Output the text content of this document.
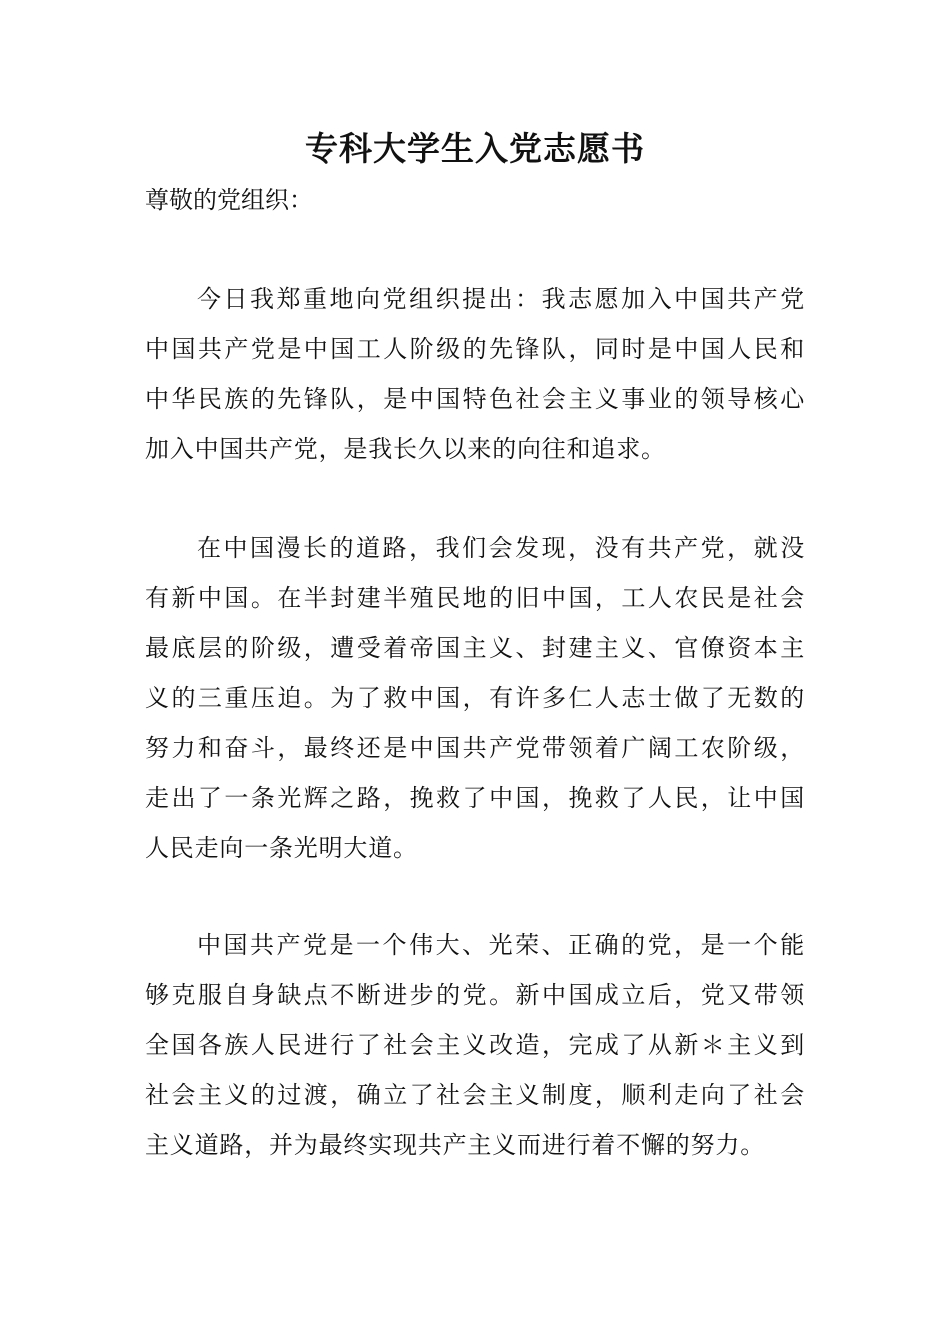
专科大学生入党志愿书

尊敬的党组织：

今日我郑重地向党组织提出：我志愿加入中国共产党
中国共产党是中国工人阶级的先锋队，同时是中国人民和
中华民族的先锋队，是中国特色社会主义事业的领导核心
加入中国共产党，是我长久以来的向往和追求。
在中国漫长的道路，我们会发现，没有共产党，就没
有新中国。在半封建半殖民地的旧中国，工人农民是社会
最底层的阶级，遭受着帝国主义、封建主义、官僚资本主
义的三重压迫。为了救中国，有许多仁人志士做了无数的
努力和奋斗，最终还是中国共产党带领着广阔工农阶级，
走出了一条光辉之路，挽救了中国，挽救了人民，让中国
人民走向一条光明大道。
中国共产党是一个伟大、光荣、正确的党，是一个能
够克服自身缺点不断进步的党。新中国成立后，党又带领
全国各族人民进行了社会主义改造，完成了从新＊主义到
社会主义的过渡，确立了社会主义制度，顺利走向了社会
主义道路，并为最终实现共产主义而进行着不懈的努力。
